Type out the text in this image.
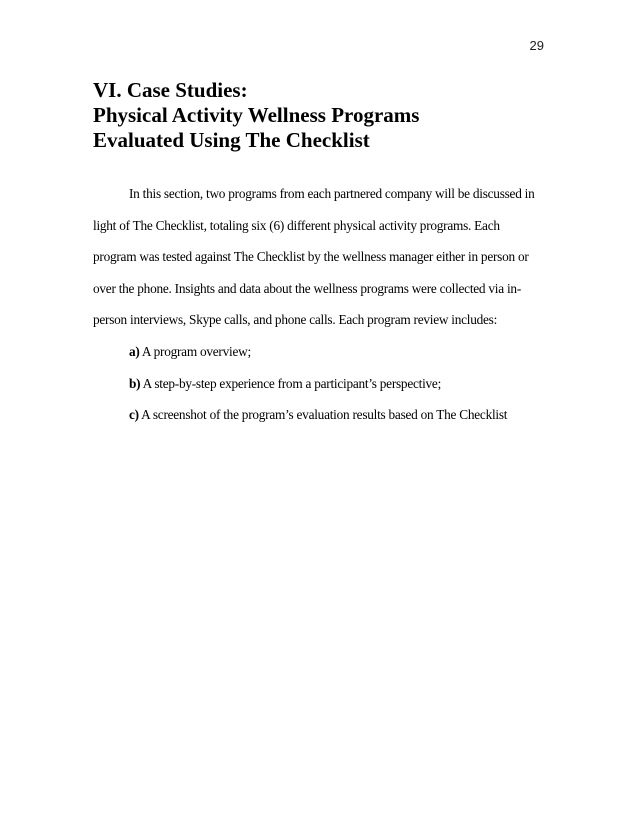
29
VI. Case Studies:
Physical Activity Wellness Programs
Evaluated Using The Checklist
In this section, two programs from each partnered company will be discussed in
light of The Checklist, totaling six (6) different physical activity programs. Each
program was tested against The Checklist by the wellness manager either in person or
over the phone. Insights and data about the wellness programs were collected via in-
person interviews, Skype calls, and phone calls. Each program review includes:
a) A program overview;
b) A step-by-step experience from a participant’s perspective;
c) A screenshot of the program’s evaluation results based on The Checklist
